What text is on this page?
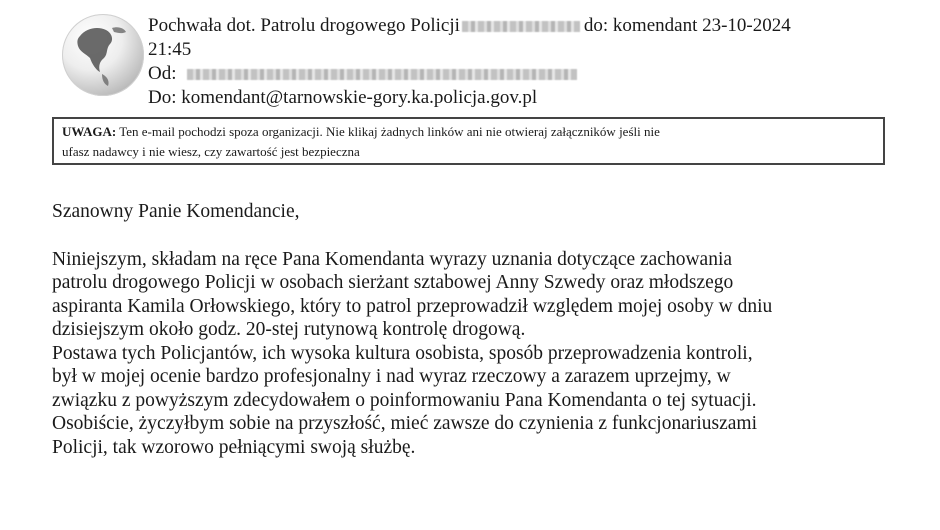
Pochwała dot. Patrolu drogowego Policji	do: komendant 23-10-2024
21:45
Od:
Do: komendant@tarnowskie-gory.ka.policja.gov.pl
UWAGA: Ten e-mail pochodzi spoza organizacji. Nie klikaj żadnych linków ani nie otwieraj załączników jeśli nie
ufasz nadawcy i nie wiesz, czy zawartość jest bezpieczna

Szanowny Panie Komendancie,

Niniejszym, składam na ręce Pana Komendanta wyrazy uznania dotyczące zachowania

patrolu drogowego Policji w osobach sierżant sztabowej Anny Szwedy oraz młodszego

aspiranta Kamila Orłowskiego, który to patrol przeprowadził względem mojej osoby w dniu

dzisiejszym około godz. 20-stej rutynową kontrolę drogową.

Postawa tych Policjantów, ich wysoka kultura osobista, sposób przeprowadzenia kontroli,

był w mojej ocenie bardzo profesjonalny i nad wyraz rzeczowy a zarazem uprzejmy, w

związku z powyższym zdecydowałem o poinformowaniu Pana Komendanta o tej sytuacji.

Osobiście, życzyłbym sobie na przyszłość, mieć zawsze do czynienia z funkcjonariuszami

Policji, tak wzorowo pełniącymi swoją służbę.
